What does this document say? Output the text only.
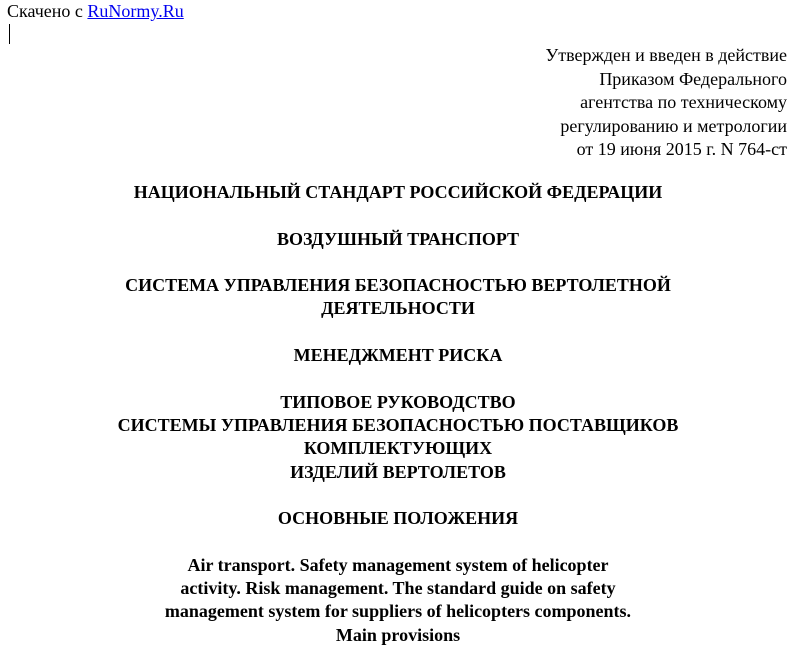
Скачено с RuNormy.Ru
Утвержден и введен в действие
Приказом Федерального
агентства по техническому
регулированию и метрологии
от 19 июня 2015 г. N 764-ст
НАЦИОНАЛЬНЫЙ СТАНДАРТ РОССИЙСКОЙ ФЕДЕРАЦИИ
ВОЗДУШНЫЙ ТРАНСПОРТ
СИСТЕМА УПРАВЛЕНИЯ БЕЗОПАСНОСТЬЮ ВЕРТОЛЕТНОЙ
ДЕЯТЕЛЬНОСТИ
МЕНЕДЖМЕНТ РИСКА
ТИПОВОЕ РУКОВОДСТВО
СИСТЕМЫ УПРАВЛЕНИЯ БЕЗОПАСНОСТЬЮ ПОСТАВЩИКОВ
КОМПЛЕКТУЮЩИХ
ИЗДЕЛИЙ ВЕРТОЛЕТОВ
ОСНОВНЫЕ ПОЛОЖЕНИЯ
Air transport. Safety management system of helicopter
activity. Risk management. The standard guide on safety
management system for suppliers of helicopters components.
Main provisions
